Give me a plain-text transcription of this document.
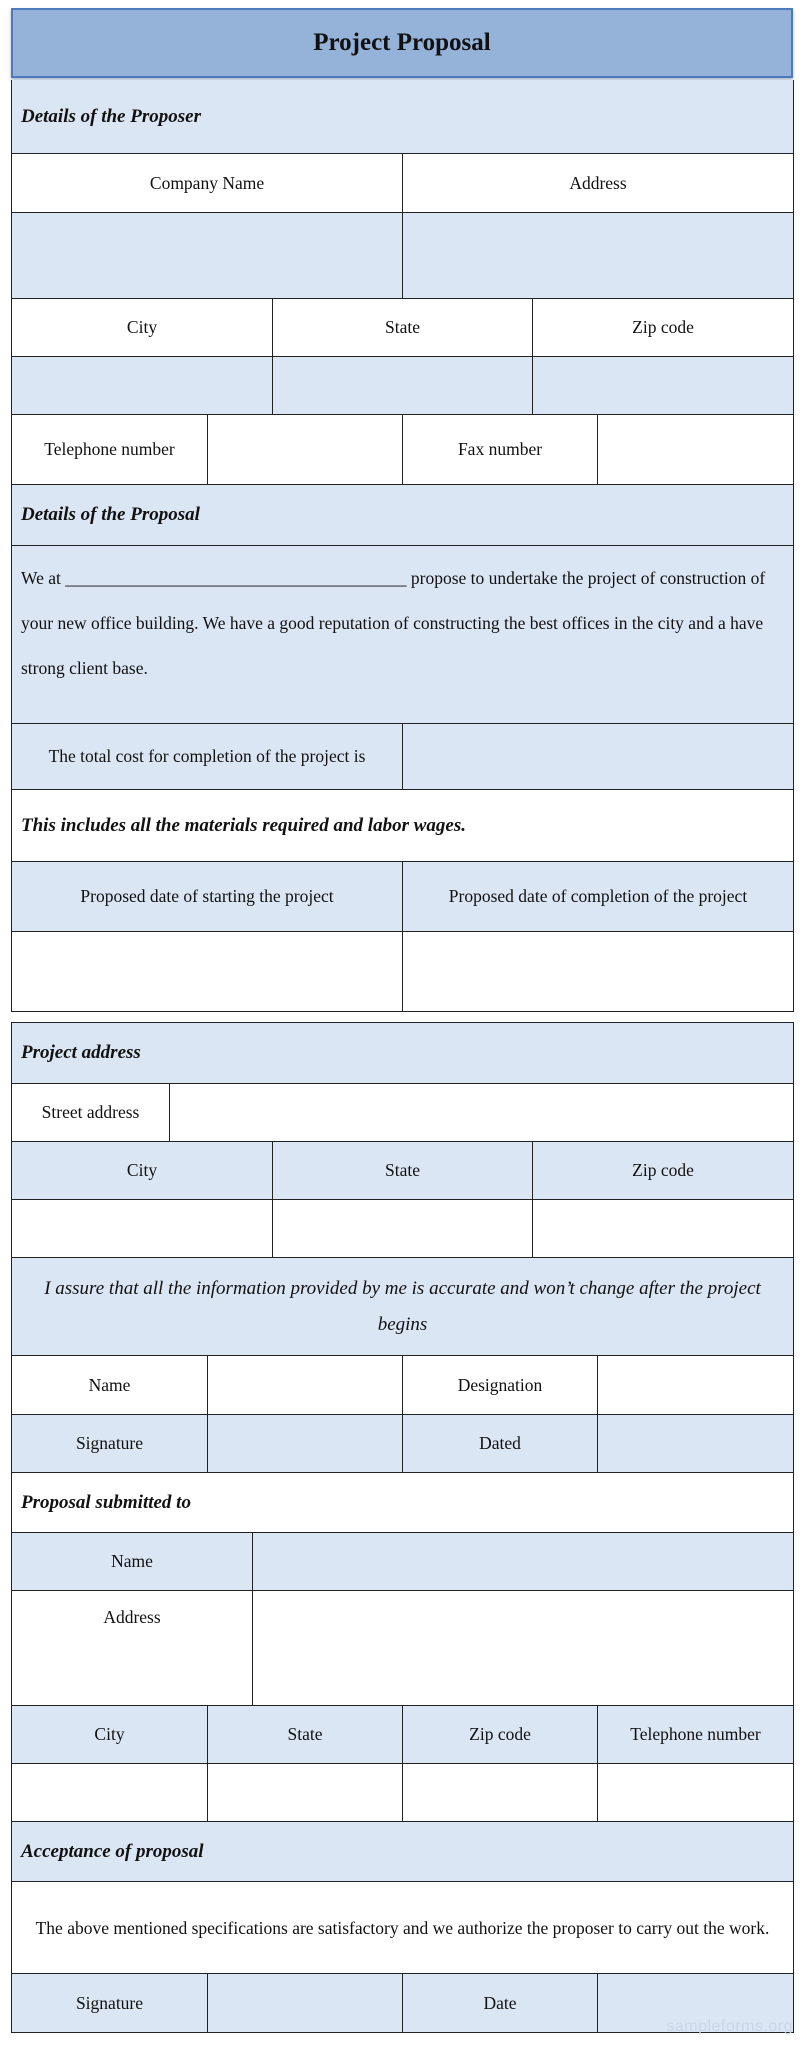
Project Proposal
Details of the Proposer
Company Name	Address
City	State	Zip code
Telephone number	Fax number
Details of the Proposal
We at _______________________________________ propose to undertake the project of construction of your new office building. We have a good reputation of constructing the best offices in the city and a have strong client base.
The total cost for completion of the project is
This includes all the materials required and labor wages.
Proposed date of starting the project	Proposed date of completion of the project
Project address
Street address
City	State	Zip code
I assure that all the information provided by me is accurate and won’t change after the project begins
Name	Designation
Signature	Dated
Proposal submitted to
Name
Address
City	State	Zip code	Telephone number
Acceptance of proposal
The above mentioned specifications are satisfactory and we authorize the proposer to carry out the work.
Signature	Date
sampleforms.org
